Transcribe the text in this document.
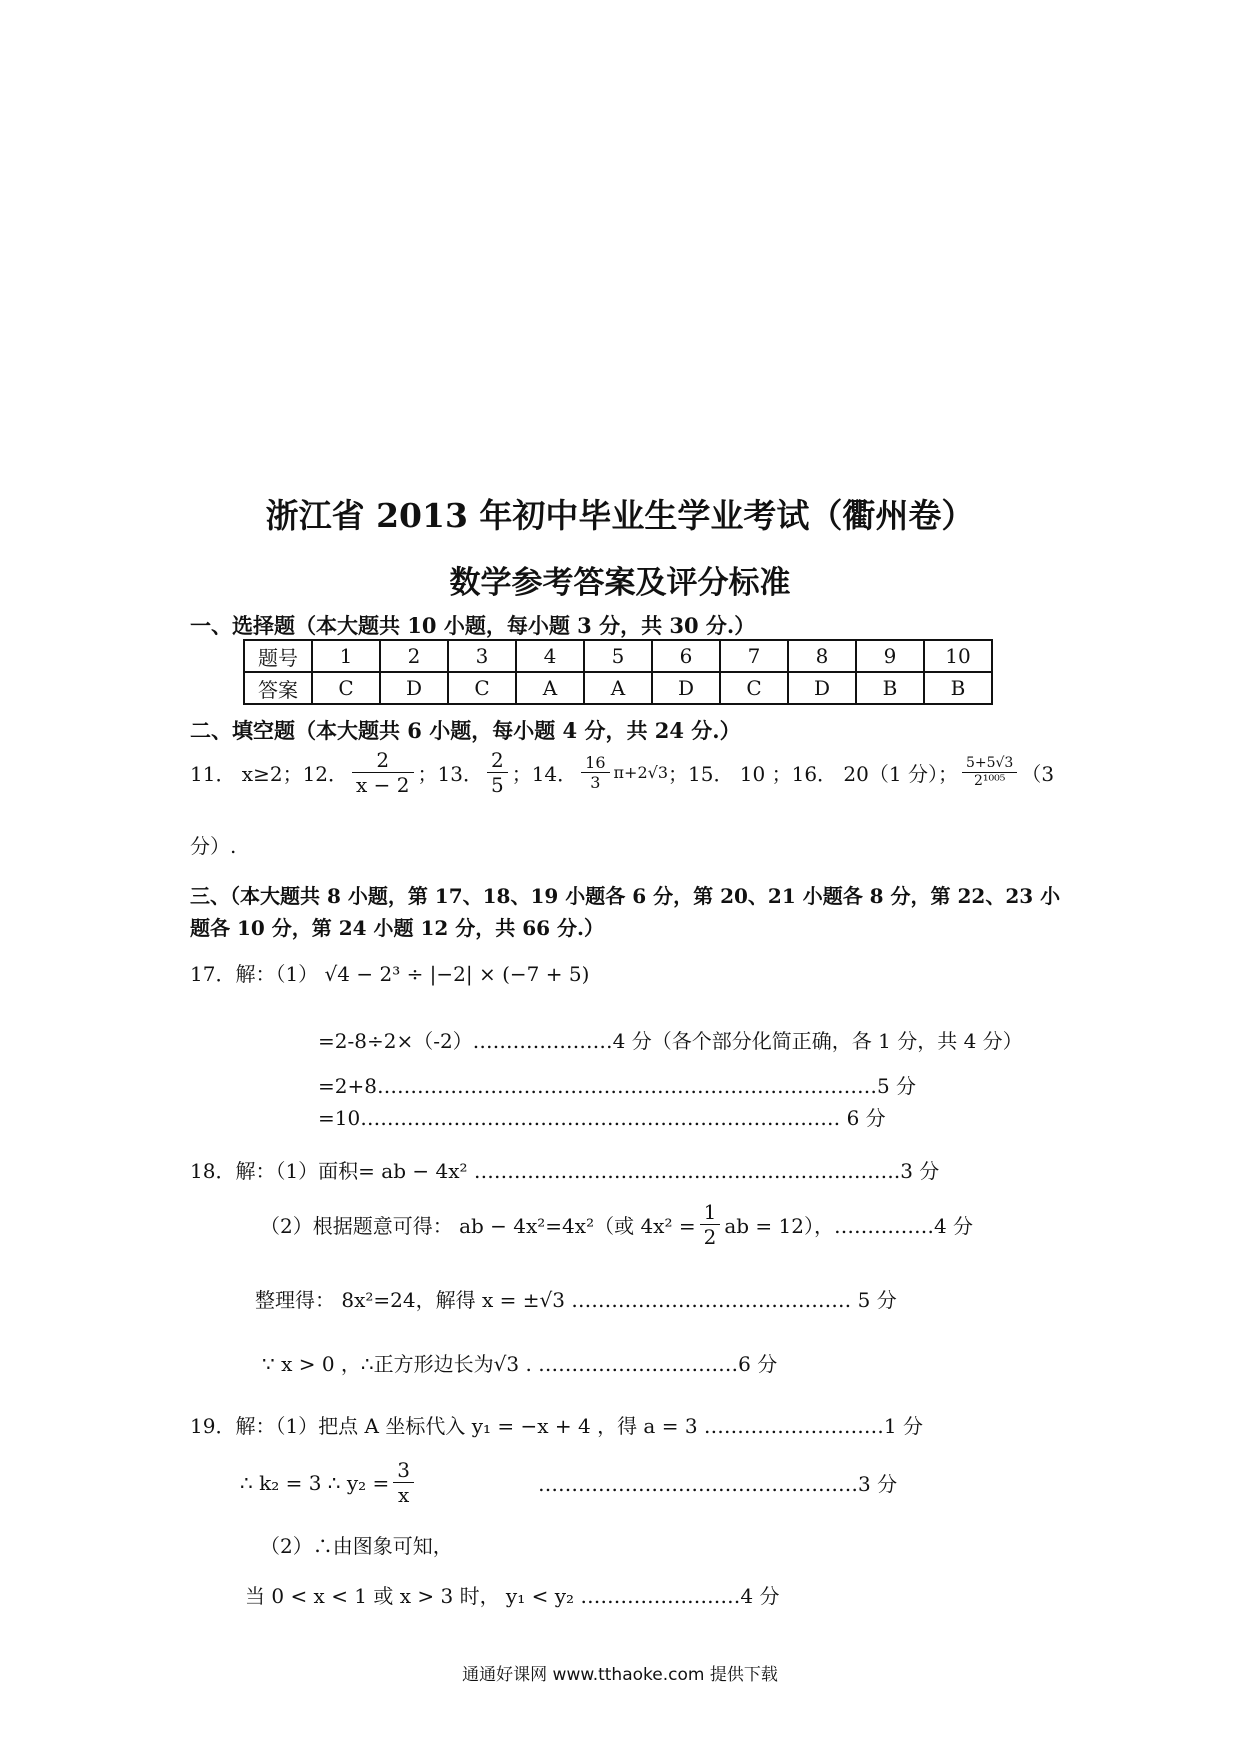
浙江省 2013 年初中毕业生学业考试（衢州卷）
数学参考答案及评分标准
一、选择题（本大题共 10 小题，每小题 3 分，共 30 分.）
题号	1	2	3	4	5	6	7	8	9	10
答案	C	D	C	A	A	D	C	D	B	B
二、填空题（本大题共 6 小题，每小题 4 分，共 24 分.）
11． x≥2；12． $\frac{2}{x - 2}$ ；13． $\frac{2}{5}$ ；14． $\frac{16}{3} \pi+2√3$ ；15． 10 ；16． 20（1 分）； $\frac{5+5√3}{\text{2¹⁰⁰⁵}} (3$
分）.
三、（本大题共 8 小题，第 17、18、19 小题各 6 分，第 20、21 小题各 8 分，第 22、23 小
题各 10 分，第 24 小题 12 分，共 66 分.）
17．解：（1） √4 − 2³ ÷ |−2| × (−7 + 5)
=2-8÷2×（-2）…………………4 分（各个部分化简正确，各 1 分，共 4 分）
=2+8…………………………………………………………………5 分
=10……………………………………………………………… 6 分
18．解：（1）面积= ab − 4x² ……………………………………………………….3 分
（2）根据题意可得： ab − 4x²=4x²（或 $4x^2 = \frac{1}{2}$ ab = 12），……………4 分
整理得： 8x²=24，解得 x = ±√3 …………………………………… 5 分
∵ x > 0 ，∴正方形边长为√3 . …………………………6 分
19．解：（1）把点 A 坐标代入 y₁ = −x + 4 ，得 a = 3 ………………………1 分
∴ k₂ = 3 ∴ $y_2 = \frac{3}{x}$	…………………………………………3 分
（2）∴由图象可知，
当 0 < x < 1 或 x > 3 时， y₁ < y₂ ……………………4 分
通通好课网 www.tthaoke.com 提供下载
